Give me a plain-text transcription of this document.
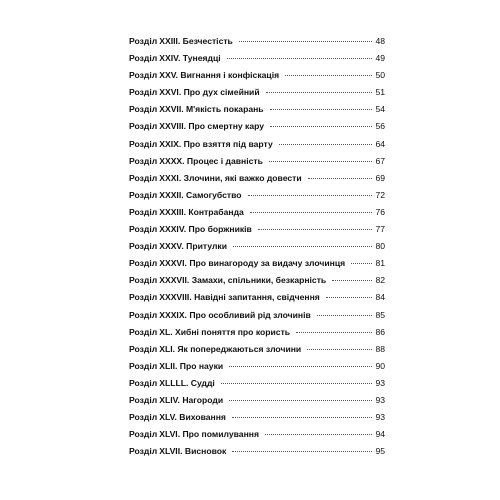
Розділ XXIII. Безчестість	48
Розділ XXIV. Тунеядці	49
Розділ XXV. Вигнання і конфіскація	50
Розділ XXVI. Про дух сімейний	51
Розділ XXVII. М'якість покарань	54
Розділ XXVIII. Про смертну кару	56
Розділ XXIX. Про взяття під варту	64
Розділ XXXX. Процес і давність	67
Розділ XXXI. Злочини, які важко довести	69
Розділ XXXII. Самогубство	72
Розділ XXXIII. Контрабанда	76
Розділ XXXIV. Про боржників	77
Розділ XXXV. Притулки	80
Розділ XXXVI. Про винагороду за видачу злочинця	81
Розділ XXXVII. Замахи, спільники, безкарність	82
Розділ XXXVIII. Навідні запитання, свідчення	84
Розділ XXXIX. Про особливий рід злочинів	85
Розділ XL. Хибні поняття про користь	86
Розділ XLI. Як попереджаються злочини	88
Розділ XLII. Про науки	90
Розділ XLLLL. Судді	93
Розділ XLIV. Нагороди	93
Розділ XLV. Виховання	93
Розділ XLVI. Про помилування	94
Розділ XLVII. Висновок	95
